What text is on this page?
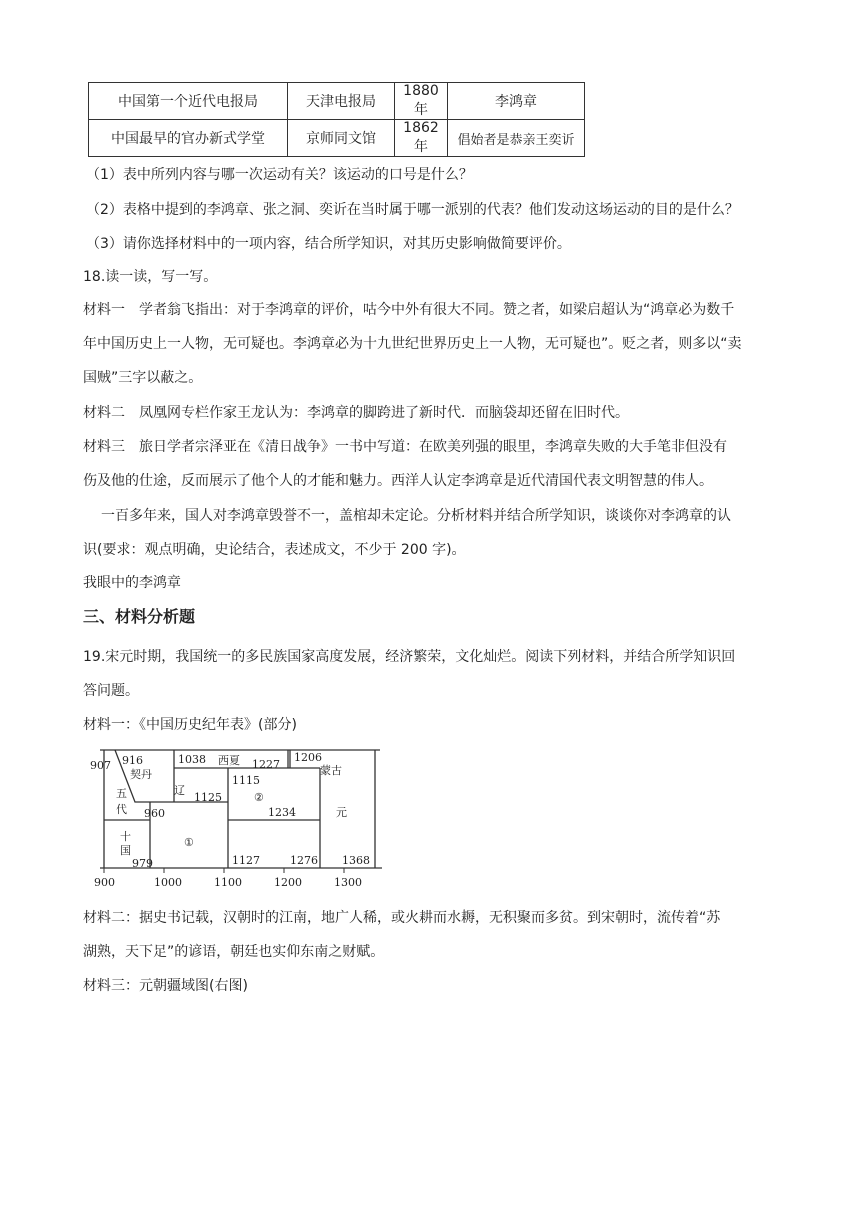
中国第一个近代电报局	天津电报局	1880 年	李鸿章
中国最早的官办新式学堂	京师同文馆	1862 年	倡始者是恭亲王奕䜣
（1）表中所列内容与哪一次运动有关？该运动的口号是什么？
（2）表格中提到的李鸿章、张之洞、奕䜣在当时属于哪一派别的代表？他们发动这场运动的目的是什么？
（3）请你选择材料中的一项内容，结合所学知识，对其历史影响做简要评价。
18.读一读，写一写。
材料一　学者翁飞指出：对于李鸿章的评价，咕今中外有很大不同。赞之者，如梁启超认为“鸿章必为数千
年中国历史上一人物，无可疑也。李鸿章必为十九世纪世界历史上一人物，无可疑也”。贬之者，则多以“卖
国贼”三字以蔽之。
材料二　凤凰网专栏作家王龙认为：李鸿章的脚跨进了新时代．而脑袋却还留在旧时代。
材料三　旅日学者宗泽亚在《清日战争》一书中写道：在欧美列强的眼里，李鸿章失败的大手笔非但没有
伤及他的仕途，反而展示了他个人的才能和魅力。西洋人认定李鸿章是近代清国代表文明智慧的伟人。
一百多年来，国人对李鸿章毁誉不一，盖棺却未定论。分析材料并结合所学知识，谈谈你对李鸿章的认
识(要求：观点明确，史论结合，表述成文，不少于 200 字)。
我眼中的李鸿章
三、材料分析题
19.宋元时期，我国统一的多民族国家高度发展，经济繁荣，文化灿烂。阅读下列材料，并结合所学知识回
答问题。
材料一：《中国历史纪年表》(部分)
907 916
契丹
1038 西夏 1227
1206
蒙古
辽
1115
②
五
代
1125
960	1234	元
十
国
①
979	1127	1276 1368
900	1000	1100	1200	1300
材料二：据史书记载，汉朝时的江南，地广人稀，或火耕而水耨，无积聚而多贫。到宋朝时，流传着“苏
湖熟，天下足”的谚语，朝廷也实仰东南之财赋。
材料三：元朝疆域图(右图)
